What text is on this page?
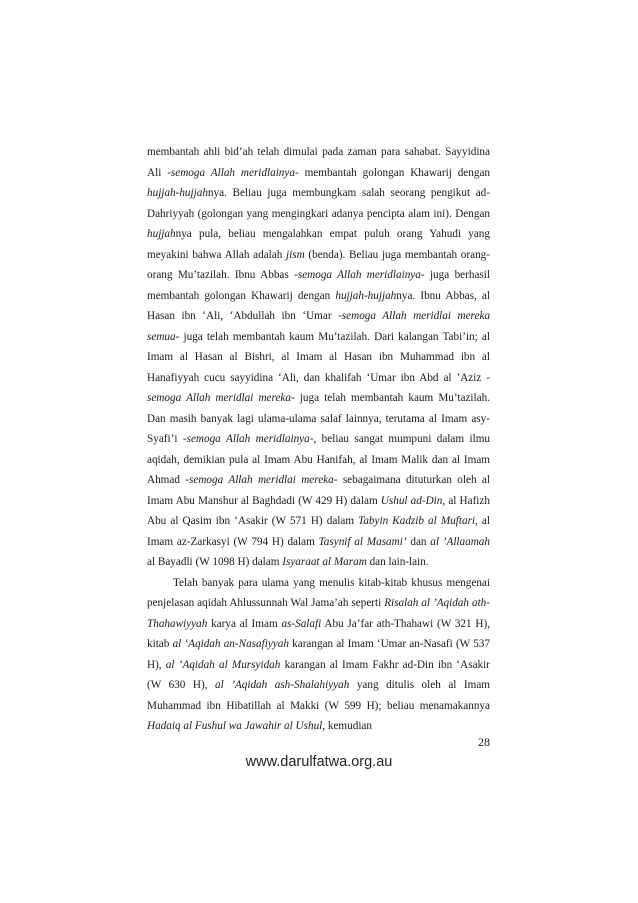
membantah ahli bid’ah telah dimulai pada zaman para sahabat. Sayyidina Ali -semoga Allah meridlainya- membantah golongan Khawarij dengan hujjah-hujjahnya. Beliau juga membungkam salah seorang pengikut ad-Dahriyyah (golongan yang mengingkari adanya pencipta alam ini). Dengan hujjahnya pula, beliau mengalahkan empat puluh orang Yahudi yang meyakini bahwa Allah adalah jism (benda). Beliau juga membantah orang-orang Mu’tazilah. Ibnu Abbas -semoga Allah meridlainya- juga berhasil membantah golongan Khawarij dengan hujjah-hujjahnya. Ibnu Abbas, al Hasan ibn ‘Ali, ‘Abdullah ibn ‘Umar -semoga Allah meridlai mereka semua- juga telah membantah kaum Mu’tazilah. Dari kalangan Tabi’in; al Imam al Hasan al Bishri, al Imam al Hasan ibn Muhammad ibn al Hanafiyyah cucu sayyidina ‘Ali, dan khalifah ‘Umar ibn Abd al ’Aziz -semoga Allah meridlai mereka- juga telah membantah kaum Mu’tazilah. Dan masih banyak lagi ulama-ulama salaf lainnya, terutama al Imam asy-Syafi’i -semoga Allah meridlainya-, beliau sangat mumpuni dalam ilmu aqidah, demikian pula al Imam Abu Hanifah, al Imam Malik dan al Imam Ahmad -semoga Allah meridlai mereka- sebagaimana dituturkan oleh al Imam Abu Manshur al Baghdadi (W 429 H) dalam Ushul ad-Din, al Hafizh Abu al Qasim ibn ‘Asakir (W 571 H) dalam Tabyin Kadzib al Muftari, al Imam az-Zarkasyi (W 794 H) dalam Tasynif al Masami’ dan al ’Allaamah al Bayadli (W 1098 H) dalam Isyaraat al Maram dan lain-lain.

Telah banyak para ulama yang menulis kitab-kitab khusus mengenai penjelasan aqidah Ahlussunnah Wal Jama’ah seperti Risalah al ’Aqidah ath-Thahawiyyah karya al Imam as-Salafi Abu Ja’far ath-Thahawi (W 321 H), kitab al ‘Aqidah an-Nasafiyyah karangan al Imam ‘Umar an-Nasafi (W 537 H), al ‘Aqidah al Mursyidah karangan al Imam Fakhr ad-Din ibn ‘Asakir (W 630 H), al ’Aqidah ash-Shalahiyyah yang ditulis oleh al Imam Muhammad ibn Hibatillah al Makki (W 599 H); beliau menamakannya Hadaiq al Fushul wa Jawahir al Ushul, kemudian

28
www.darulfatwa.org.au
